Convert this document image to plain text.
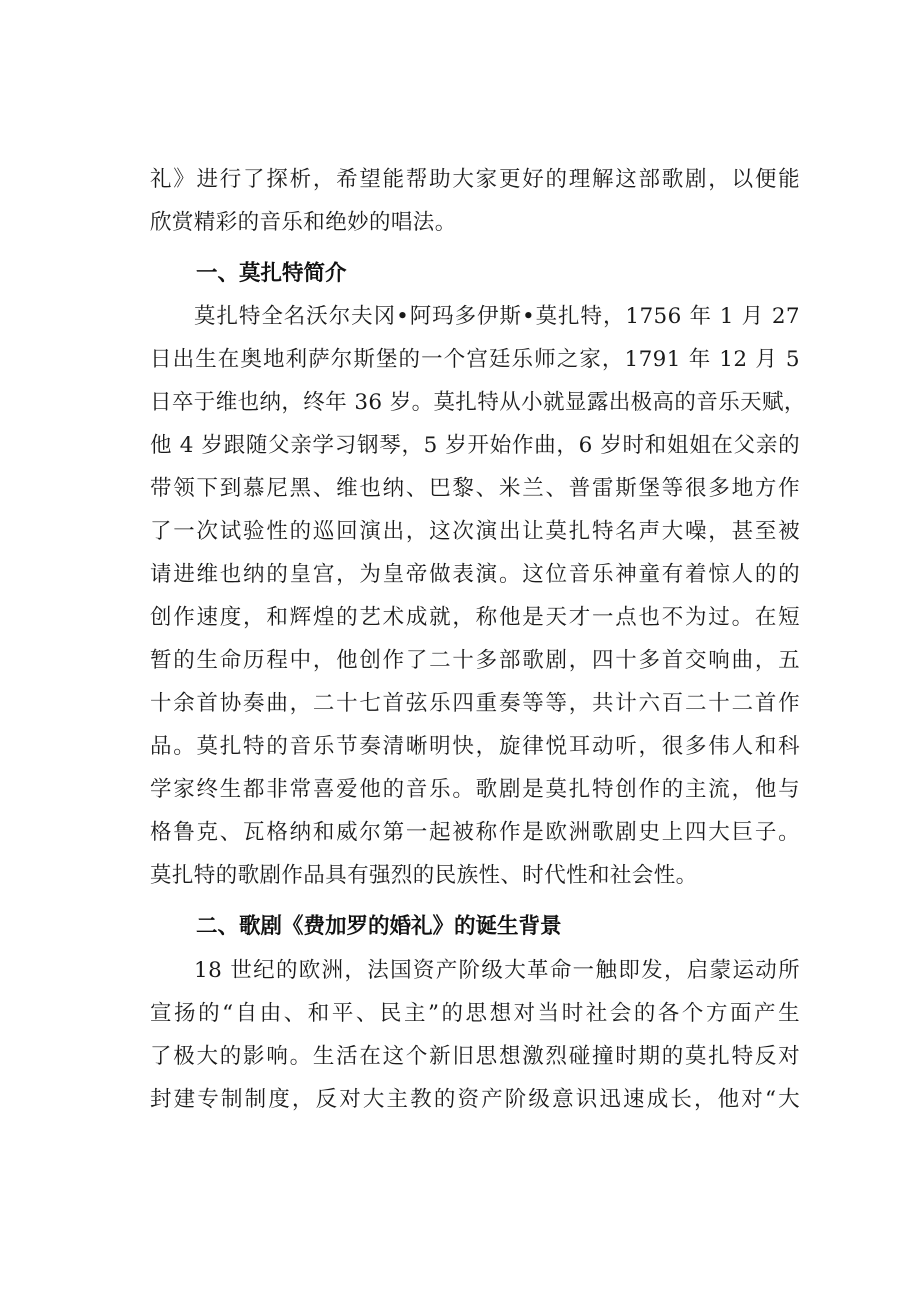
礼》进行了探析，希望能帮助大家更好的理解这部歌剧，以便能
欣赏精彩的音乐和绝妙的唱法。
一、莫扎特简介
莫扎特全名沃尔夫冈•阿玛多伊斯•莫扎特，1756 年 1 月 27
日出生在奥地利萨尔斯堡的一个宫廷乐师之家，1791 年 12 月 5
日卒于维也纳，终年 36 岁。莫扎特从小就显露出极高的音乐天赋，
他 4 岁跟随父亲学习钢琴，5 岁开始作曲，6 岁时和姐姐在父亲的
带领下到慕尼黑、维也纳、巴黎、米兰、普雷斯堡等很多地方作
了一次试验性的巡回演出，这次演出让莫扎特名声大噪，甚至被
请进维也纳的皇宫，为皇帝做表演。这位音乐神童有着惊人的的
创作速度，和辉煌的艺术成就，称他是天才一点也不为过。在短
暂的生命历程中，他创作了二十多部歌剧，四十多首交响曲，五
十余首协奏曲，二十七首弦乐四重奏等等，共计六百二十二首作
品。莫扎特的音乐节奏清晰明快，旋律悦耳动听，很多伟人和科
学家终生都非常喜爱他的音乐。歌剧是莫扎特创作的主流，他与
格鲁克、瓦格纳和威尔第一起被称作是欧洲歌剧史上四大巨子。
莫扎特的歌剧作品具有强烈的民族性、时代性和社会性。
二、歌剧《费加罗的婚礼》的诞生背景
18 世纪的欧洲，法国资产阶级大革命一触即发，启蒙运动所
宣扬的“自由、和平、民主”的思想对当时社会的各个方面产生
了极大的影响。生活在这个新旧思想激烈碰撞时期的莫扎特反对
封建专制制度，反对大主教的资产阶级意识迅速成长，他对“大
